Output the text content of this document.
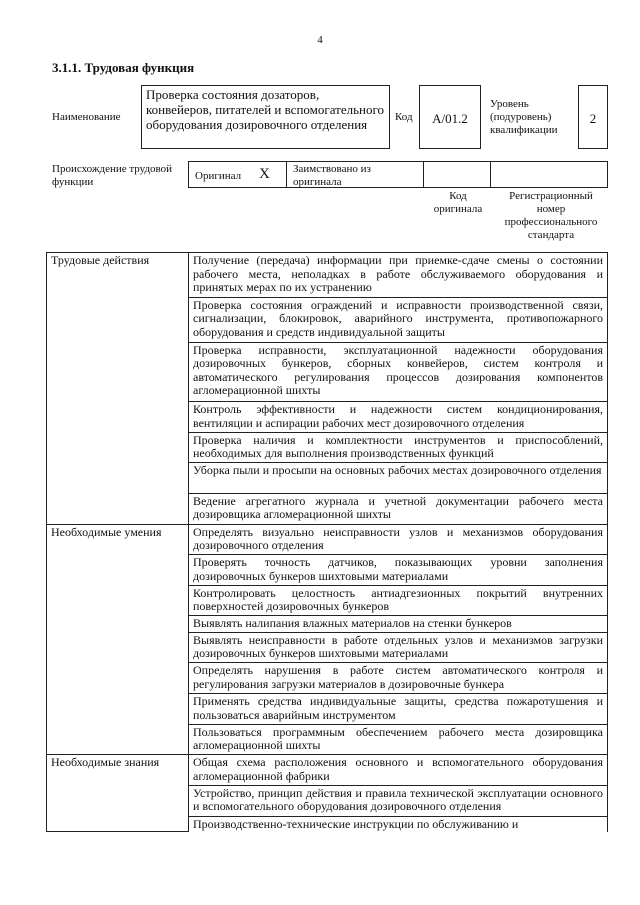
4
3.1.1. Трудовая функция
Наименование
Проверка состояния дозаторов, конвейеров, питателей и вспомогательного оборудования дозировочного отделения	Код	А/01.2
Уровень (подуровень) квалификации
2
Происхождение трудовой функции	Оригинал Х Заимствовано из оригинала
Код оригинала
Регистрационный номер профессионального стандарта
Трудовые действия	Получение (передача) информации при приемке-сдаче смены о состоянии рабочего места, неполадках в работе обслуживаемого оборудования и принятых мерах по их устранению
	Проверка состояния ограждений и исправности производственной связи, сигнализации, блокировок, аварийного инструмента, противопожарного оборудования и средств индивидуальной защиты
	Проверка исправности, эксплуатационной надежности оборудования дозировочных бункеров, сборных конвейеров, систем контроля и автоматического регулирования процессов дозирования компонентов агломерационной шихты
	Контроль эффективности и надежности систем кондиционирования, вентиляции и аспирации рабочих мест дозировочного отделения
	Проверка наличия и комплектности инструментов и приспособлений, необходимых для выполнения производственных функций
	Уборка пыли и просыпи на основных рабочих местах дозировочного отделения
	Ведение агрегатного журнала и учетной документации рабочего места дозировщика агломерационной шихты
Необходимые умения	Определять визуально неисправности узлов и механизмов оборудования дозировочного отделения
	Проверять точность датчиков, показывающих уровни заполнения дозировочных бункеров шихтовыми материалами
	Контролировать целостность антиадгезионных покрытий внутренних поверхностей дозировочных бункеров
	Выявлять налипания влажных материалов на стенки бункеров
	Выявлять неисправности в работе отдельных узлов и механизмов загрузки дозировочных бункеров шихтовыми материалами
	Определять нарушения в работе систем автоматического контроля и регулирования загрузки материалов в дозировочные бункера
	Применять средства индивидуальные защиты, средства пожаротушения и пользоваться аварийным инструментом
	Пользоваться программным обеспечением рабочего места дозировщика агломерационной шихты
Необходимые знания	Общая схема расположения основного и вспомогательного оборудования агломерационной фабрики
	Устройство, принцип действия и правила технической эксплуатации основного и вспомогательного оборудования дозировочного отделения
	Производственно-технические инструкции по обслуживанию и
